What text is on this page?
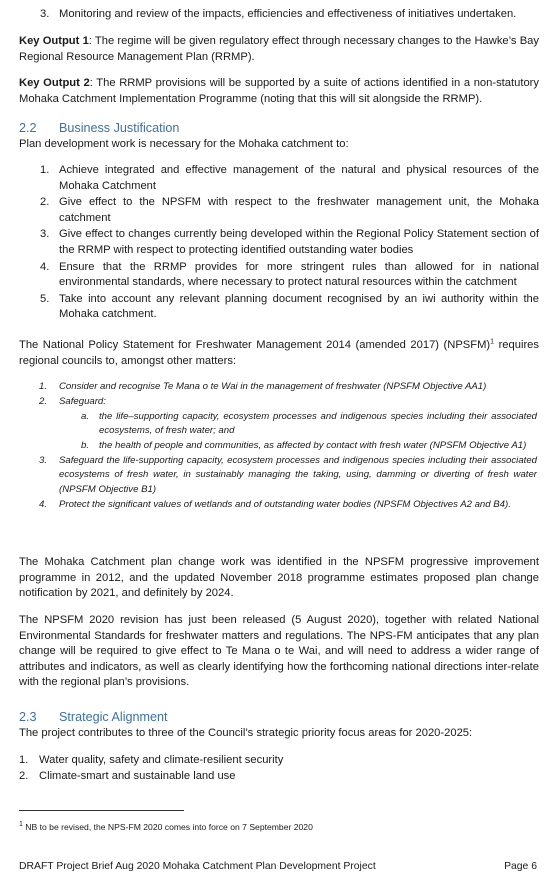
3. Monitoring and review of the impacts, efficiencies and effectiveness of initiatives undertaken.

Key Output 1: The regime will be given regulatory effect through necessary changes to the Hawke’s Bay Regional Resource Management Plan (RRMP).

Key Output 2: The RRMP provisions will be supported by a suite of actions identified in a non-statutory Mohaka Catchment Implementation Programme (noting that this will sit alongside the RRMP).

2.2 Business Justification

Plan development work is necessary for the Mohaka catchment to:

1. Achieve integrated and effective management of the natural and physical resources of the Mohaka Catchment
2. Give effect to the NPSFM with respect to the freshwater management unit, the Mohaka catchment
3. Give effect to changes currently being developed within the Regional Policy Statement section of the RRMP with respect to protecting identified outstanding water bodies
4. Ensure that the RRMP provides for more stringent rules than allowed for in national environmental standards, where necessary to protect natural resources within the catchment
5. Take into account any relevant planning document recognised by an iwi authority within the Mohaka catchment.

The National Policy Statement for Freshwater Management 2014 (amended 2017) (NPSFM)$^1$ requires regional councils to, amongst other matters:

1. Consider and recognise Te Mana o te Wai in the management of freshwater (NPSFM Objective AA1)
2. Safeguard:
a. the life–supporting capacity, ecosystem processes and indigenous species including their associated ecosystems, of fresh water; and
b. the health of people and communities, as affected by contact with fresh water (NPSFM Objective A1)
3. Safeguard the life-supporting capacity, ecosystem processes and indigenous species including their associated ecosystems of fresh water, in sustainably managing the taking, using, damming or diverting of fresh water (NPSFM Objective B1)
4. Protect the significant values of wetlands and of outstanding water bodies (NPSFM Objectives A2 and B4).

The Mohaka Catchment plan change work was identified in the NPSFM progressive improvement programme in 2012, and the updated November 2018 programme estimates proposed plan change notification by 2021, and definitely by 2024.

The NPSFM 2020 revision has just been released (5 August 2020), together with related National Environmental Standards for freshwater matters and regulations. The NPS-FM anticipates that any plan change will be required to give effect to Te Mana o te Wai, and will need to address a wider range of attributes and indicators, as well as clearly identifying how the forthcoming national directions inter-relate with the regional plan’s provisions.

2.3 Strategic Alignment

The project contributes to three of the Council’s strategic priority focus areas for 2020-2025:

1. Water quality, safety and climate-resilient security
2. Climate-smart and sustainable land use
$^1$ NB to be revised, the NPS-FM 2020 comes into force on 7 September 2020
DRAFT Project Brief Aug 2020 Mohaka Catchment Plan Development Project	Page 6
